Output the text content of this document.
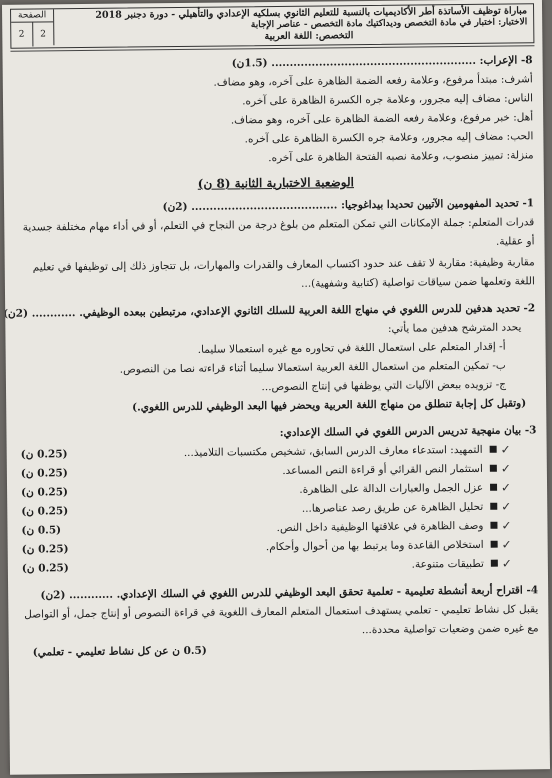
الصفحة
2	2
مباراة توظيف الأساتذة أطر الأكاديميات بالنسبة للتعليم الثانوي بسلكيه الإعدادي والتأهيلي - دورة دجنبر 2018
الاختبار: اختبار في مادة التخصص وديداكتيك مادة التخصص - عناصر الإجابة
التخصص: اللغة العربية
8- الإعراب: ........................................................ (1.5ن)
أشرف: مبتدأ مرفوع، وعلامة رفعه الضمة الظاهرة على آخره، وهو مضاف.
الناس: مضاف إليه مجرور، وعلامة جره الكسرة الظاهرة على آخره.
أهل: خبر مرفوع، وعلامة رفعه الضمة الظاهرة على آخره، وهو مضاف.
الحب: مضاف إليه مجرور، وعلامة جره الكسرة الظاهرة على آخره.
منزلة: تمييز منصوب، وعلامة نصبه الفتحة الظاهرة على آخره.
الوضعية الاختبارية الثانية (8 ن)
1- تحديد المفهومين الآتيين تحديدا بيداغوجيا: ........................................ (2ن)
قدرات المتعلم: جملة الإمكانات التي تمكن المتعلم من بلوغ درجة من النجاح في التعلم، أو في أداء مهام مختلفة جسدية أو عقلية.
مقاربة وظيفية: مقاربة لا تقف عند حدود اكتساب المعارف والقدرات والمهارات، بل تتجاوز ذلك إلى توظيفها في تعليم اللغة وتعلمها ضمن سياقات تواصلية (كتابية وشفهية)...
2- تحديد هدفين للدرس اللغوي في منهاج اللغة العربية للسلك الثانوي الإعدادي، مرتبطين ببعده الوظيفي. ............ (2ن)
يحدد المترشح هدفين مما يأتي:
أ- إقدار المتعلم على استعمال اللغة في تحاوره مع غيره استعمالا سليما.
ب- تمكين المتعلم من استعمال اللغة العربية استعمالا سليما أثناء قراءته نصا من النصوص.
ج- تزويده ببعض الآليات التي يوظفها في إنتاج النصوص...
(وتقبل كل إجابة تنطلق من منهاج اللغة العربية ويحضر فيها البعد الوظيفي للدرس اللغوي.)
3- بيان منهجية تدريس الدرس اللغوي في السلك الإعدادي:
✓
التمهيد: استدعاء معارف الدرس السابق، تشخيص مكتسبات التلاميذ...
(0.25 ن)
✓
استثمار النص القرائي أو قراءة النص المساعد.
(0.25 ن)
✓
عزل الجمل والعبارات الدالة على الظاهرة.
(0.25 ن)
✓
تحليل الظاهرة عن طريق رصد عناصرها...
(0.25 ن)
✓
وصف الظاهرة في علاقتها الوظيفية داخل النص.
(0.5 ن)
✓
استخلاص القاعدة وما يرتبط بها من أحوال وأحكام.
(0.25 ن)
✓
تطبيقات متنوعة.
(0.25 ن)
4- اقتراح أربعة أنشطة تعليمية - تعلمية تحقق البعد الوظيفي للدرس اللغوي في السلك الإعدادي. ............ (2ن)
يقبل كل نشاط تعليمي - تعلمي يستهدف استعمال المتعلم المعارف اللغوية في قراءة النصوص أو إنتاج جمل، أو التواصل مع غيره ضمن وضعيات تواصلية محددة...
(0.5 ن عن كل نشاط تعليمي - تعلمي)
